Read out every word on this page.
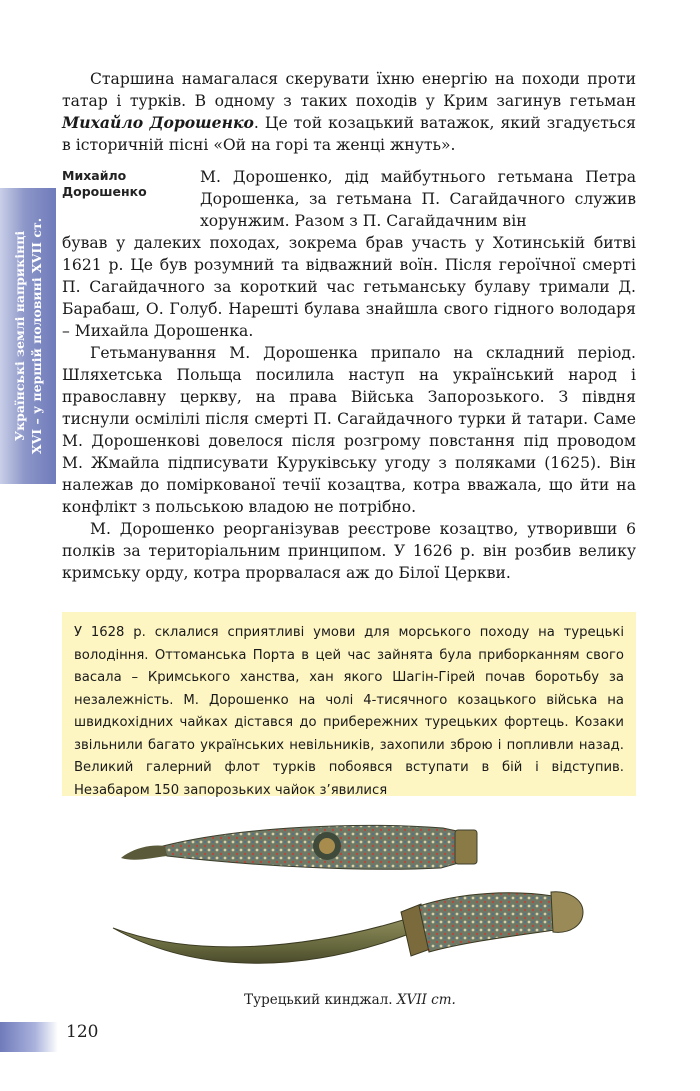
Українські землі наприкінці XVI – у першій половині XVII ст.

Старшина намагалася скерувати їхню енергію на походи проти татар і турків. В одному з таких походів у Крим загинув гетьман Михайло Дорошенко. Це той козацький ватажок, який згадується в історичній пісні «Ой на горі та женці жнуть».

Михайло
Дорошенко

М. Дорошенко, дід майбутнього гетьмана Петра Дорошенка, за гетьмана П. Сагайдачного служив хорунжим. Разом з П. Сагайдачним він

бував у далеких походах, зокрема брав участь у Хотинській битві 1621 р. Це був розумний та відважний воїн. Після героїчної смерті П. Сагайдачного за короткий час гетьманську булаву тримали Д. Барабаш, О. Голуб. Нарешті булава знайшла свого гідного володаря – Михайла Дорошенка.

Гетьманування М. Дорошенка припало на складний період. Шляхетська Польща посилила наступ на український народ і православну церкву, на права Війська Запорозького. З півдня тиснули осмілілі після смерті П. Сагайдачного турки й татари. Саме М. Дорошенкові довелося після розгрому повстання під проводом М. Жмайла підписувати Куруківську угоду з поляками (1625). Він належав до поміркованої течії козацтва, котра вважала, що йти на конфлікт з польською владою не потрібно.

М. Дорошенко реорганізував реєстрове козацтво, утворивши 6 полків за територіальним принципом. У 1626 р. він розбив велику кримську орду, котра прорвалася аж до Білої Церкви.

У 1628 р. склалися сприятливі умови для морського походу на турецькі володіння. Оттоманська Порта в цей час зайнята була приборканням свого васала – Кримського ханства, хан якого Шагін-Гірей почав боротьбу за незалежність. М. Дорошенко на чолі 4-тисячного козацького війська на швидкохідних чайках дістався до прибережних турецьких фортець. Козаки звільнили багато українських невільників, захопили зброю і попливли назад. Великий галерний флот турків побоявся вступати в бій і відступив. Незабаром 150 запорозьких чайок з’явилися
Турецький кинджал. XVII ст.
120
